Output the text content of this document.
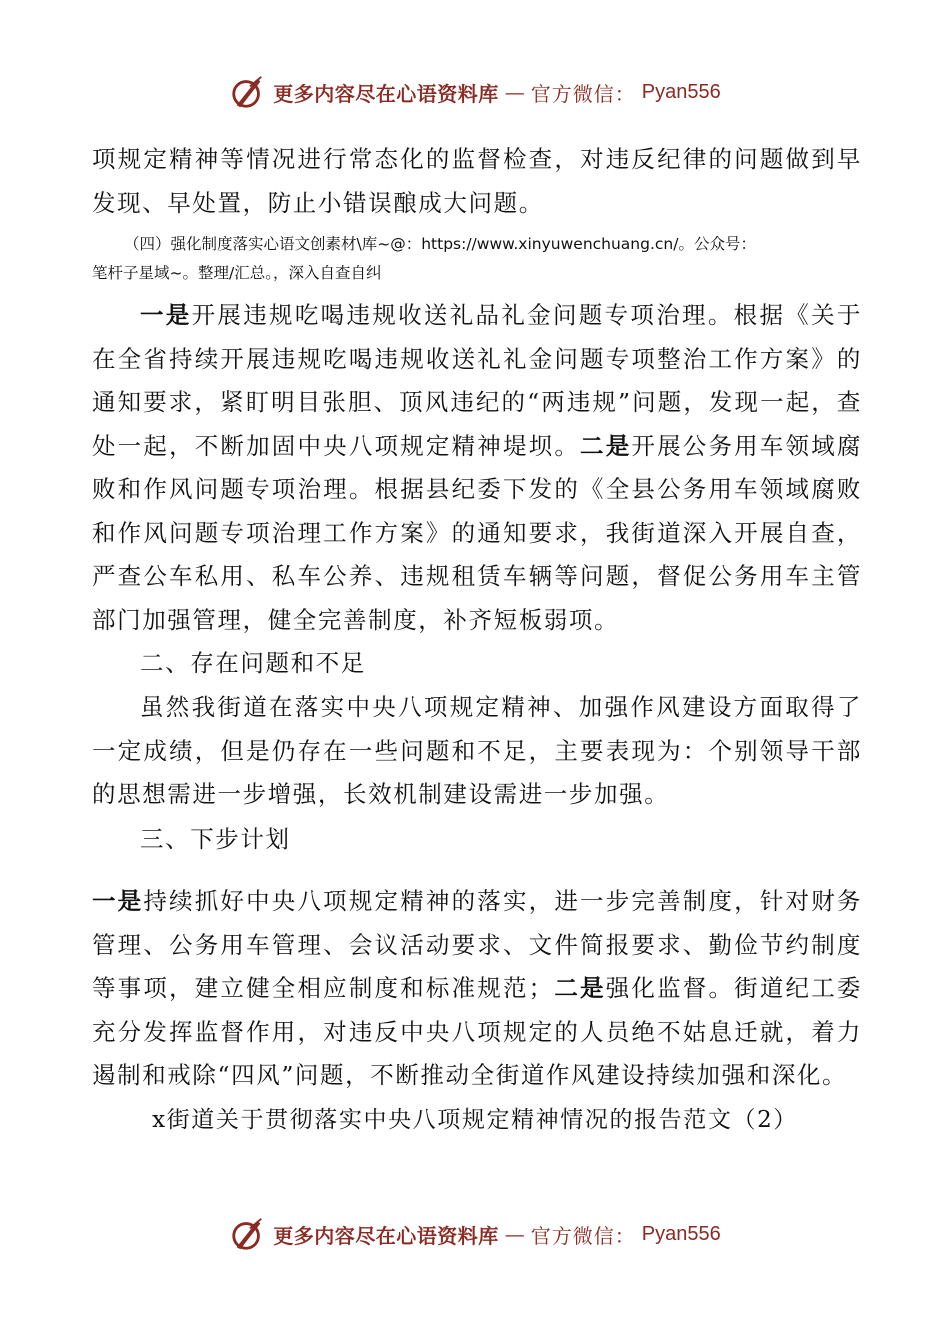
更多内容尽在心语资料库 — 官方微信： Pyan556

项规定精神等情况进行常态化的监督检查，对违反纪律的问题做到早发现、早处置，防止小错误酿成大问题。

（四）强化制度落实心语文创素材\库~@：https://www.xinyuwenchuang.cn/。公众号：

笔杆子星域~。整理/汇总。，深入自查自纠

一是开展违规吃喝违规收送礼品礼金问题专项治理。根据《关于在全省持续开展违规吃喝违规收送礼礼金问题专项整治工作方案》的通知要求，紧盯明目张胆、顶风违纪的“两违规”问题，发现一起，查处一起，不断加固中央八项规定精神堤坝。二是开展公务用车领域腐败和作风问题专项治理。根据县纪委下发的《全县公务用车领域腐败和作风问题专项治理工作方案》的通知要求，我街道深入开展自查，严查公车私用、私车公养、违规租赁车辆等问题，督促公务用车主管部门加强管理，健全完善制度，补齐短板弱项。

二、存在问题和不足

虽然我街道在落实中央八项规定精神、加强作风建设方面取得了一定成绩，但是仍存在一些问题和不足，主要表现为：个别领导干部的思想需进一步增强，长效机制建设需进一步加强。

三、下步计划

一是持续抓好中央八项规定精神的落实，进一步完善制度，针对财务管理、公务用车管理、会议活动要求、文件简报要求、勤俭节约制度等事项，建立健全相应制度和标准规范；二是强化监督。街道纪工委充分发挥监督作用，对违反中央八项规定的人员绝不姑息迁就，着力遏制和戒除“四风”问题，不断推动全街道作风建设持续加强和深化。

x街道关于贯彻落实中央八项规定精神情况的报告范文（2）
更多内容尽在心语资料库 — 官方微信： Pyan556
